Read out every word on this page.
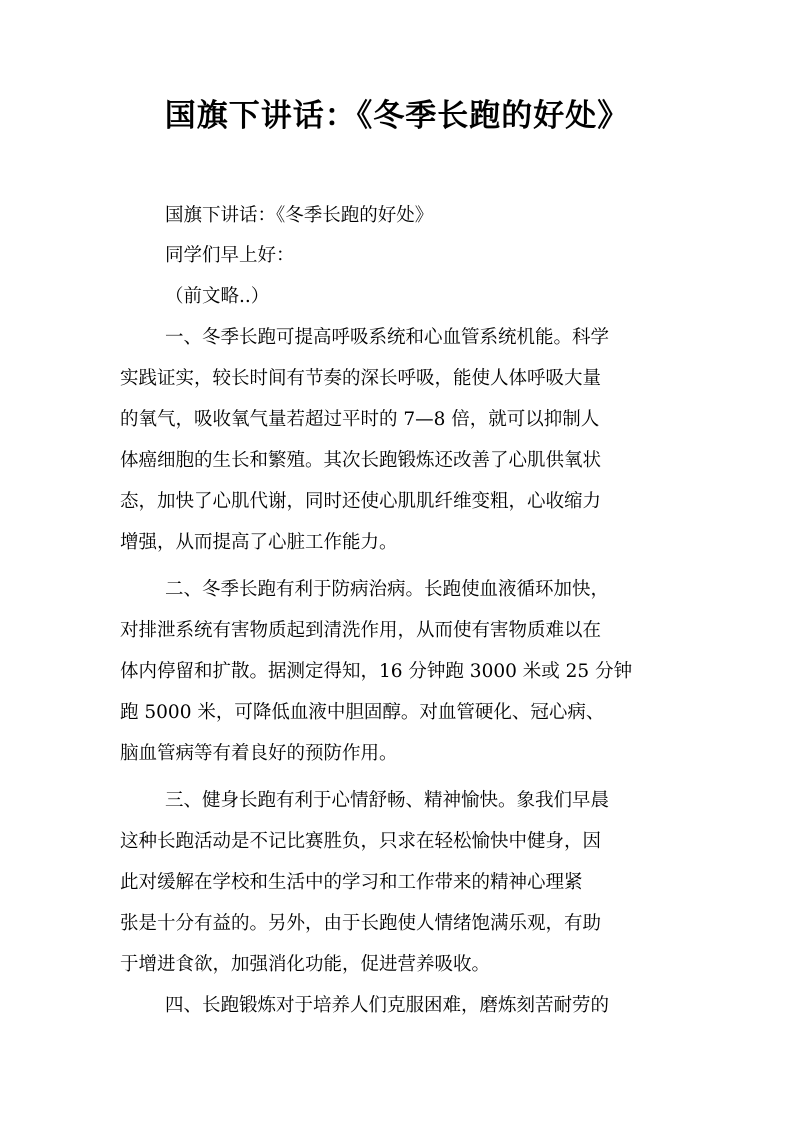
国旗下讲话：《冬季长跑的好处》
国旗下讲话：《冬季长跑的好处》
同学们早上好：
（前文略..）
一、冬季长跑可提高呼吸系统和心血管系统机能。科学
实践证实，较长时间有节奏的深长呼吸，能使人体呼吸大量
的氧气，吸收氧气量若超过平时的 7—8 倍，就可以抑制人
体癌细胞的生长和繁殖。其次长跑锻炼还改善了心肌供氧状
态，加快了心肌代谢，同时还使心肌肌纤维变粗，心收缩力
增强，从而提高了心脏工作能力。
二、冬季长跑有利于防病治病。长跑使血液循环加快，
对排泄系统有害物质起到清洗作用，从而使有害物质难以在
体内停留和扩散。据测定得知，16 分钟跑 3000 米或 25 分钟
跑 5000 米，可降低血液中胆固醇。对血管硬化、冠心病、
脑血管病等有着良好的预防作用。
三、健身长跑有利于心情舒畅、精神愉快。象我们早晨
这种长跑活动是不记比赛胜负，只求在轻松愉快中健身，因
此对缓解在学校和生活中的学习和工作带来的精神心理紧
张是十分有益的。另外，由于长跑使人情绪饱满乐观，有助
于增进食欲，加强消化功能，促进营养吸收。
四、长跑锻炼对于培养人们克服困难，磨炼刻苦耐劳的
